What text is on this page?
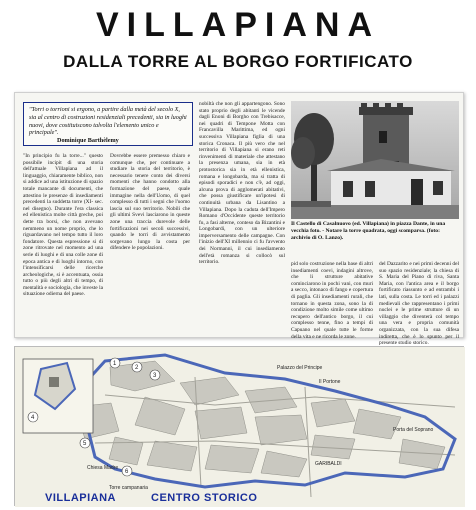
VILLAPIANA
DALLA TORRE AL BORGO FORTIFICATO
"Torri o torrioni si ergono, a partire dalla metà del secolo X, sia al centro di costruzioni residenziali precedenti, sia in luoghi nuovi, dove costituiscono talvolta l'elemento unico e principale".
Dominique Barthèlemy
"In principio fu la torre..." questo possibile incipit di una storia dell'attuale Villapiana ad il linguaggio, chiaramente biblico, non si addice ad una istituzione di spazio totale mancante di documenti, che attestino le presenze di insediamenti precedenti la suddetta torre (XI- sec. nel disegno). Durante l'era classica ed ellenistica molte città greche, poi dette tra borsi, che non avevano nemmeno un nome proprio, che lo riguardavano nel tempo tutto il loro fondatore. Questa espressione si di zone ritrovate nel momento ad una serie di luoghi e di una colle zone di epoca antica e di luoghi intorno, con l'intensificarsi delle ricerche archeologiche, si è accentuata, ossia tutto o più degli altri di tempo, di mentalità e sociologia, che investe la situazione odierna del paese.
Dovrebbe essere premesso chiaro e comunque che, per continuare a studiare la storia del territorio, è necessario tenere conto dei diversi momenti che hanno condotto alla formazione del paese, quale immagine nella dell'Uomo, di quel complesso di tutti i segni che l'uomo lascia sul suo territorio. Nobili che gli ultimi Svevi lasciarono in queste zone una traccia durevole delle fortificazioni nei secoli successivi, quando le torri di avvistamento sorgevano lungo la costa per difendere le popolazioni.
nobiltà che non gli appartengono. Sono stato proprio degli abitanti le vicende dagli Enoni di Borgho con Trebisacce, nei quadri di Tempone Motta con Francavilla Marittima, ed ogni successiva Villapiana figlia di una storica Cronaca. Il più vero che nel territorio di Villapiana si erano reti rinvenimenti di materiale che attestano la presenza umana, sia in età protostorica sia in età ellenistica, romana e longobarda, ma si tratta di episodi sporadici e non c'è, ad oggi, alcuna prova di agglomerati abitativi, che possa giustificare un'ipotesi di continuità urbana da Lisantino a Villapiana. Dopo la caduta dell'Impero Romano d'Occidente queste territorio fu, a fasi alterne, conteso da Bizantini e Longobardi, con un ulteriore imperversamento delle campagne. Con l'inizio dell'XI millennio ci fu l'avvento dei Normanni, il cui insediamento dell'età romanza si collocò sul territorio.
Il Castello di Casalnuovo (ed. Villapiana) in piazza Dante, in una vecchia foto. - Notare la torre quadrata, oggi scomparsa. (foto: archivio di O. Lanzo).
pid solo costruzione nella base di altri insediamenti coevi, indagini altrove, che li strutture abitative cominciarono in pochi vani, con muri a secco, intonaco di fango e copertura di paglia. Gli insediamenti rurali, che tornano in questa zona, sono la di condizione molto simile come ultimo recupero dell'antico borgo, il cui complesso tenne, fino a tempi di Capuano nel quale tutte le forme della vita e ne ricorda le zone.
del Dazzarito e nei primi decenni del suo spazio residenziale; la chiesa di S. Maria del Piano di riva, Santa Maria, con l'antica area e il borgo fortificato riassunto e ad entrambi i lati, sulla costa. Le torri ed i palazzi medievali che rappresentano i primi nuclei e le prime strutture di un villaggio che diventerà col tempo una vera e propria comunità organizzata, con la sua difesa indiretta, che è lo spunto per il presente studio storico.
1
2
3
4
5
6
Palazzo del Principe
Il Portone
Porta del Soprano
GARIBALDI
Chiesa Madre
Torre campanaria
VILLAPIANA	CENTRO STORICO
